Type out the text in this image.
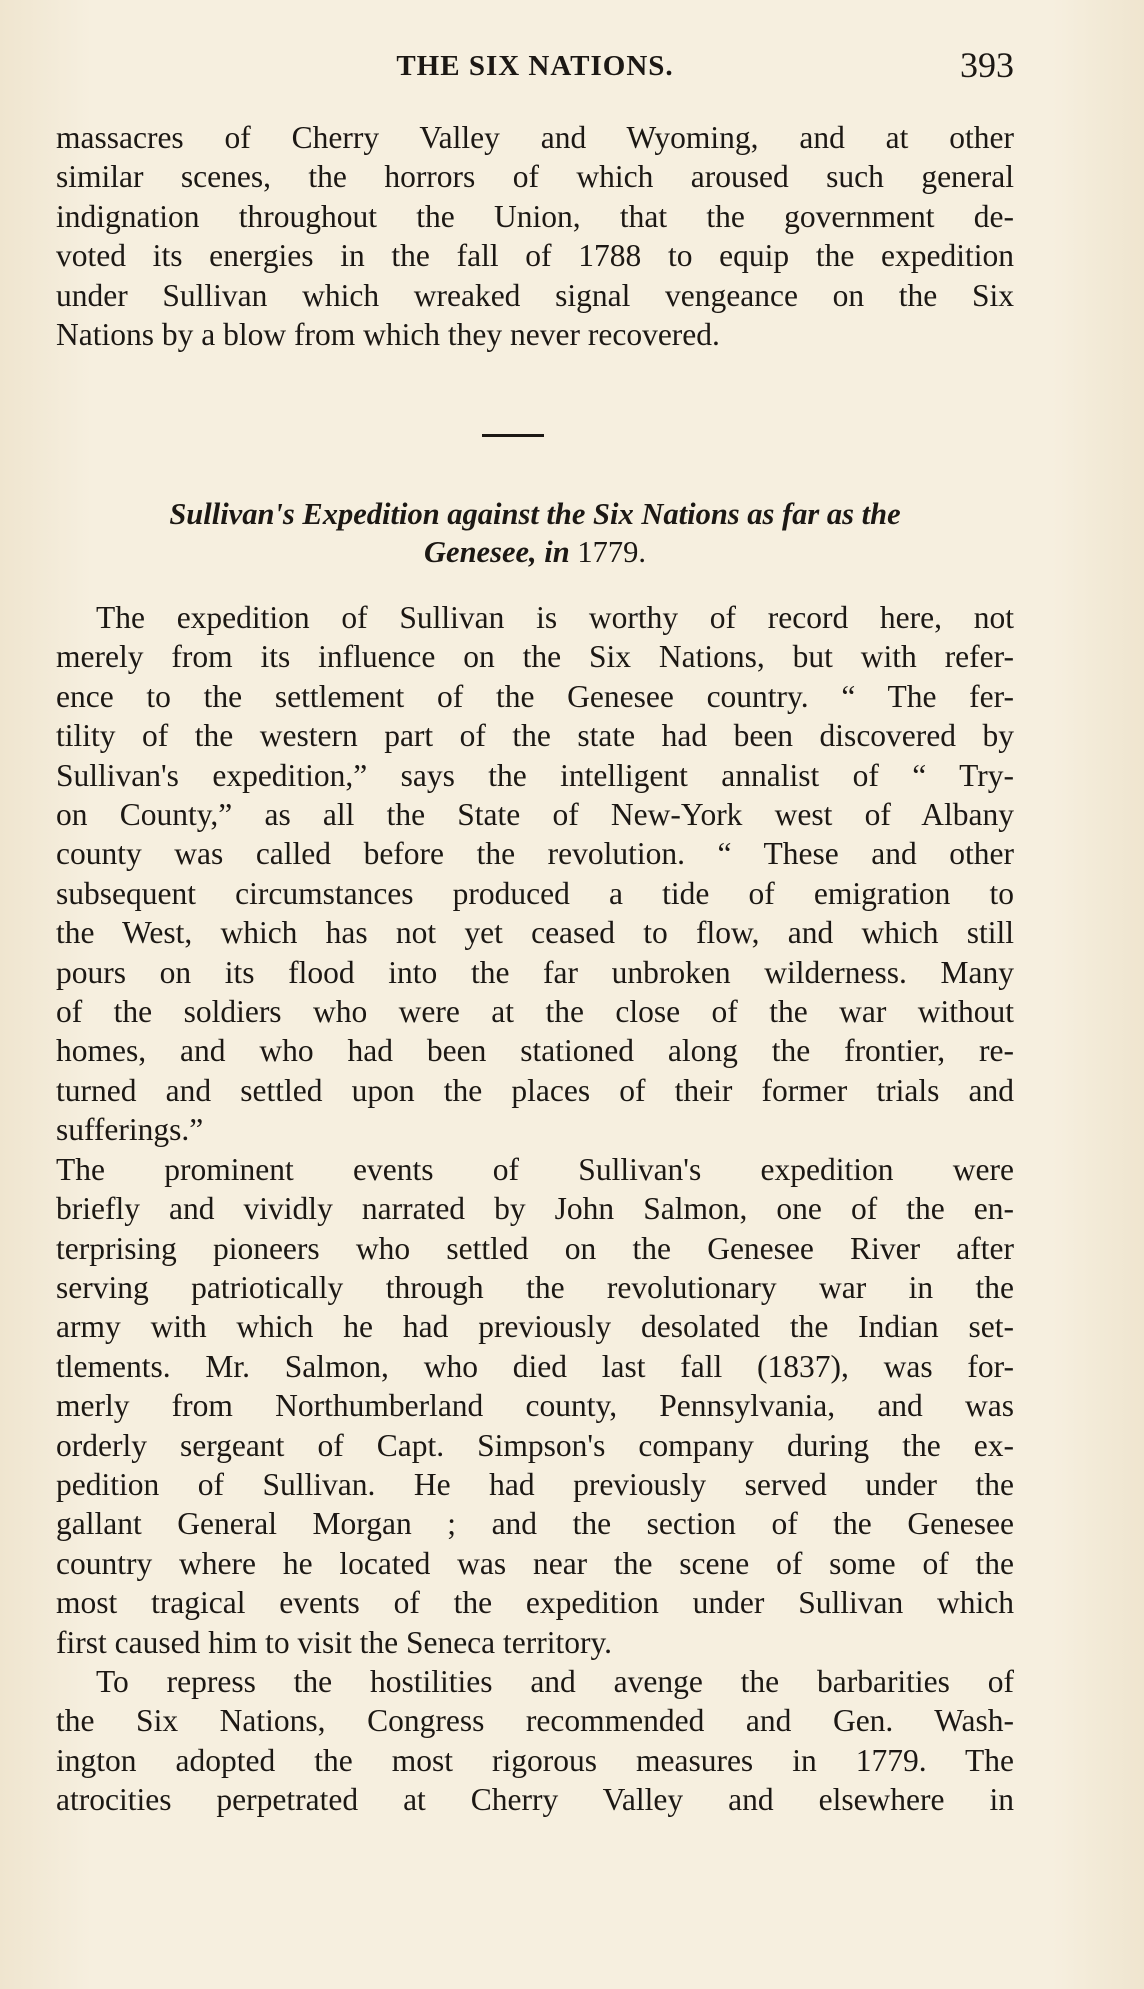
THE SIX NATIONS.	393
massacres of Cherry Valley and Wyoming, and at other
similar scenes, the horrors of which aroused such general
indignation throughout the Union, that the government de-
voted its energies in the fall of 1788 to equip the expedition
under Sullivan which wreaked signal vengeance on the Six
Nations by a blow from which they never recovered.
Sullivan's Expedition against the Six Nations as far as the
Genesee, in 1779.
The expedition of Sullivan is worthy of record here, not
merely from its influence on the Six Nations, but with refer-
ence to the settlement of the Genesee country. “ The fer-
tility of the western part of the state had been discovered by
Sullivan's expedition,” says the intelligent annalist of “ Try-
on County,” as all the State of New-York west of Albany
county was called before the revolution. “ These and other
subsequent circumstances produced a tide of emigration to
the West, which has not yet ceased to flow, and which still
pours on its flood into the far unbroken wilderness. Many
of the soldiers who were at the close of the war without
homes, and who had been stationed along the frontier, re-
turned and settled upon the places of their former trials and
sufferings.”
The prominent events of Sullivan's expedition were
briefly and vividly narrated by John Salmon, one of the en-
terprising pioneers who settled on the Genesee River after
serving patriotically through the revolutionary war in the
army with which he had previously desolated the Indian set-
tlements. Mr. Salmon, who died last fall (1837), was for-
merly from Northumberland county, Pennsylvania, and was
orderly sergeant of Capt. Simpson's company during the ex-
pedition of Sullivan. He had previously served under the
gallant General Morgan ; and the section of the Genesee
country where he located was near the scene of some of the
most tragical events of the expedition under Sullivan which
first caused him to visit the Seneca territory.
To repress the hostilities and avenge the barbarities of
the Six Nations, Congress recommended and Gen. Wash-
ington adopted the most rigorous measures in 1779. The
atrocities perpetrated at Cherry Valley and elsewhere in
